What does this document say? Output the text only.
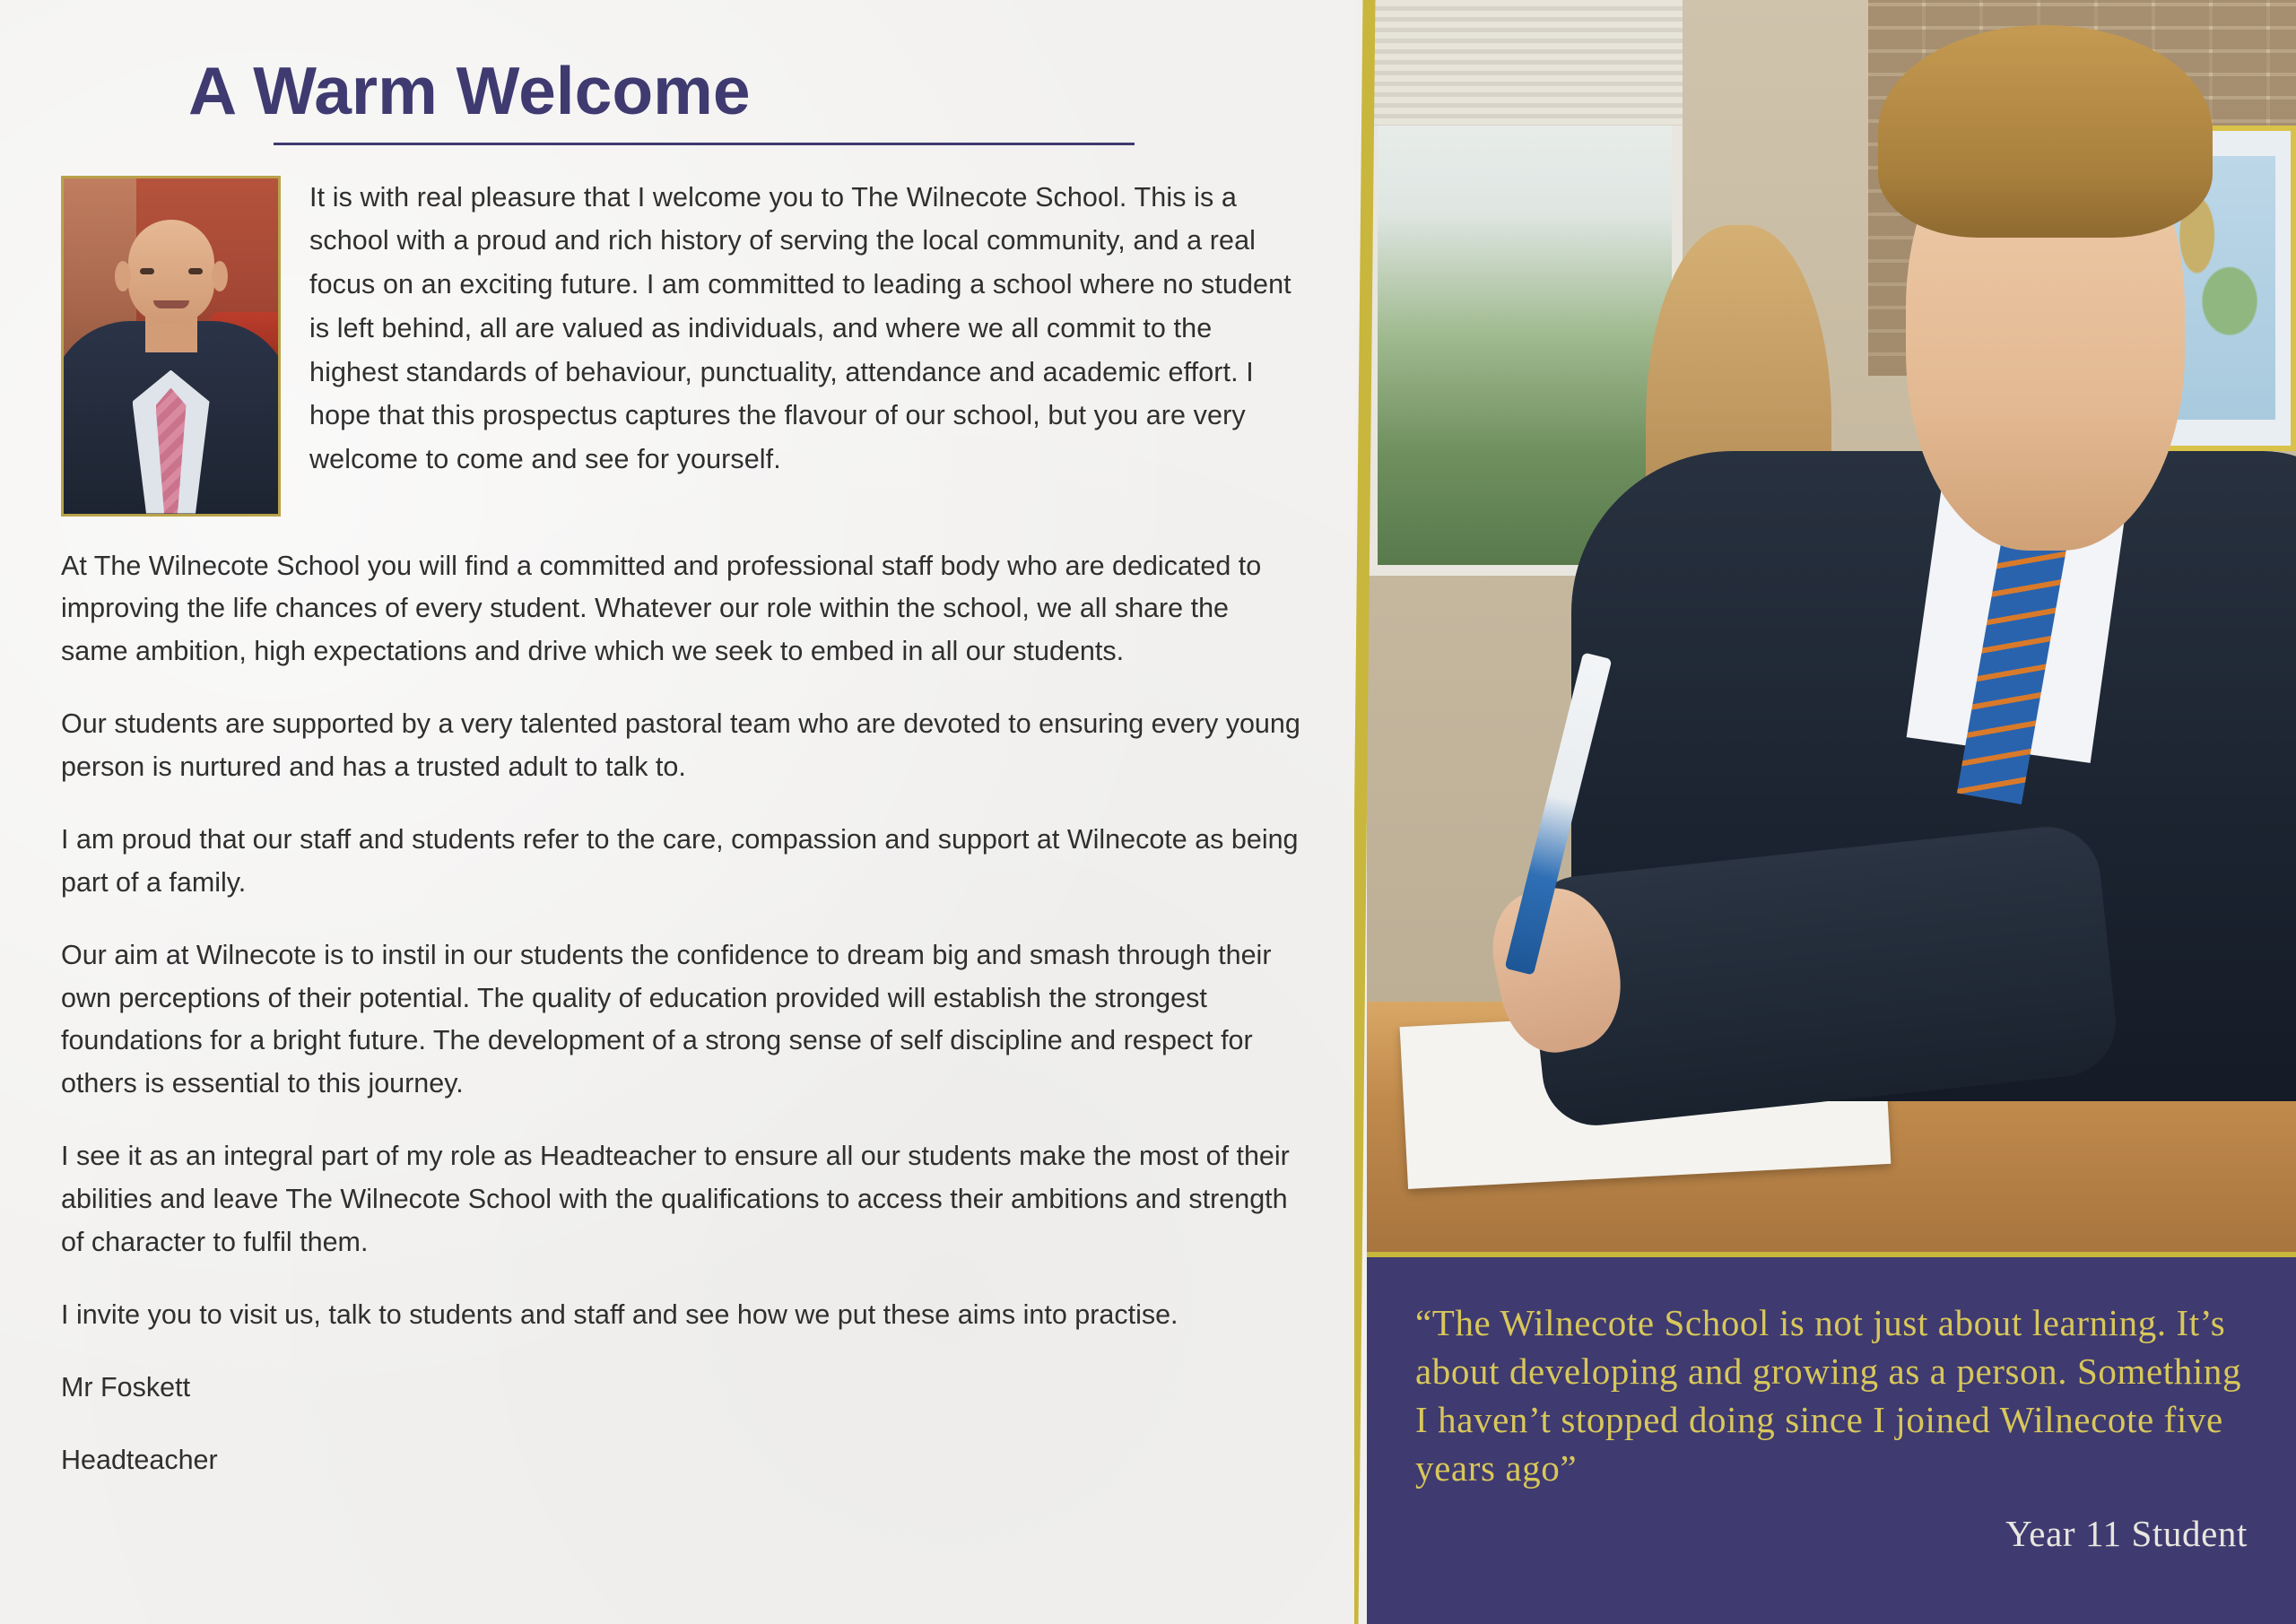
A Warm Welcome

It is with real pleasure that I welcome you to The Wilnecote School. This is a school with a proud and rich history of serving the local community, and a real focus on an exciting future. I am committed to leading a school where no student is left behind, all are valued as individuals, and where we all commit to the highest standards of behaviour, punctuality, attendance and academic effort. I hope that this prospectus captures the flavour of our school, but you are very welcome to come and see for yourself.

At The Wilnecote School you will find a committed and professional staff body who are dedicated to improving the life chances of every student. Whatever our role within the school, we all share the same ambition, high expectations and drive which we seek to embed in all our students.

Our students are supported by a very talented pastoral team who are devoted to ensuring every young person is nurtured and has a trusted adult to talk to.

I am proud that our staff and students refer to the care, compassion and support at Wilnecote as being part of a family.

Our aim at Wilnecote is to instil in our students the confidence to dream big and smash through their own perceptions of their potential. The quality of education provided will establish the strongest foundations for a bright future. The development of a strong sense of self discipline and respect for others is essential to this journey.

I see it as an integral part of my role as Headteacher to ensure all our students make the most of their abilities and leave The Wilnecote School with the qualifications to access their ambitions and strength of character to fulfil them.

I invite you to visit us, talk to students and staff and see how we put these aims into practise.

Mr Foskett

Headteacher

“The Wilnecote School is not just about learning. It’s about developing and growing as a person. Something I haven’t stopped doing since I joined Wilnecote five years ago”
Year 11 Student
